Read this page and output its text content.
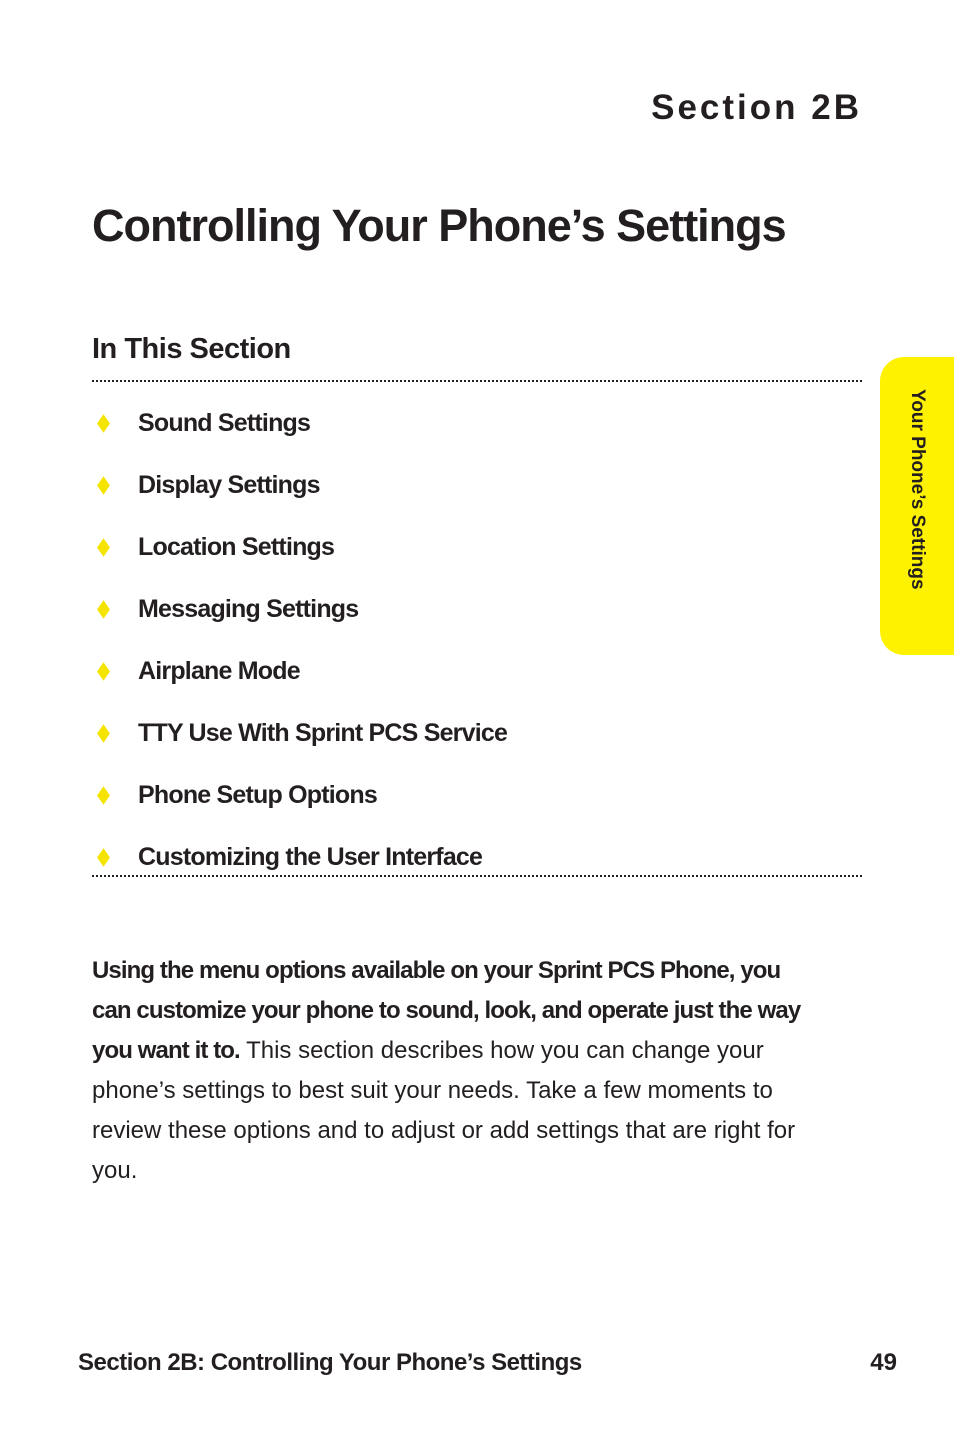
Section 2B
Controlling Your Phone’s Settings
In This Section
Sound Settings
Display Settings
Location Settings
Messaging Settings
Airplane Mode
TTY Use With Sprint PCS Service
Phone Setup Options
Customizing the User Interface

Using the menu options available on your Sprint PCS Phone, you can customize your phone to sound, look, and operate just the way you want it to. This section describes how you can change your phone’s settings to best suit your needs. Take a few moments to review these options and to adjust or add settings that are right for you.

Your Phone’s Settings

Section 2B: Controlling Your Phone’s Settings	49
